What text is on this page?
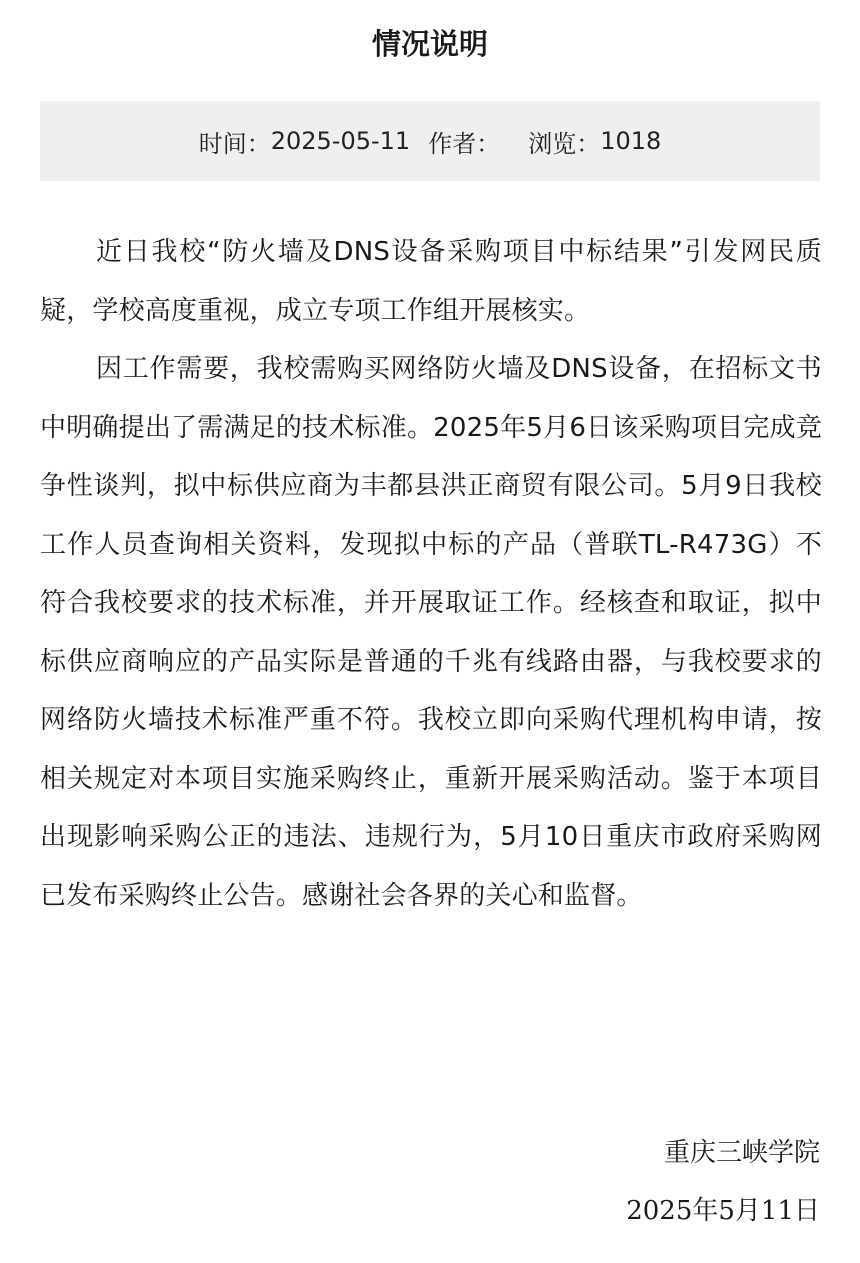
情况说明
时间： 2025-05-11 作者： 浏览： 1018

近日我校“防火墙及DNS设备采购项目中标结果”引发网民质疑，学校高度重视，成立专项工作组开展核实。

因工作需要，我校需购买网络防火墙及DNS设备，在招标文书中明确提出了需满足的技术标准。2025年5月6日该采购项目完成竞争性谈判，拟中标供应商为丰都县洪正商贸有限公司。5月9日我校工作人员查询相关资料，发现拟中标的产品（普联TL-R473G）不符合我校要求的技术标准，并开展取证工作。经核查和取证，拟中标供应商响应的产品实际是普通的千兆有线路由器，与我校要求的网络防火墙技术标准严重不符。我校立即向采购代理机构申请，按相关规定对本项目实施采购终止，重新开展采购活动。鉴于本项目出现影响采购公正的违法、违规行为，5月10日重庆市政府采购网已发布采购终止公告。感谢社会各界的关心和监督。

重庆三峡学院
2025年5月11日
